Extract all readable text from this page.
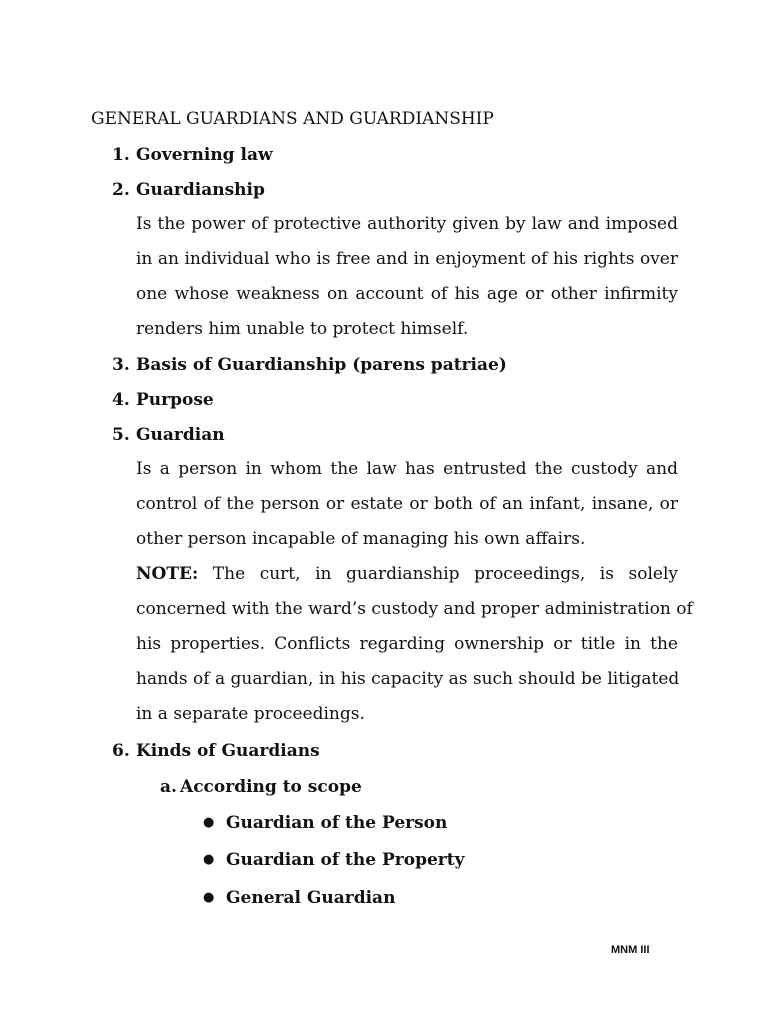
GENERAL GUARDIANS AND GUARDIANSHIP
1. Governing law
2. Guardianship
Is the power of protective authority given by law and imposed
in an individual who is free and in enjoyment of his rights over
one whose weakness on account of his age or other infirmity
renders him unable to protect himself.
3. Basis of Guardianship (parens patriae)
4. Purpose
5. Guardian
Is a person in whom the law has entrusted the custody and
control of the person or estate or both of an infant, insane, or
other person incapable of managing his own affairs.
NOTE: The curt, in guardianship proceedings, is solely
concerned with the ward’s custody and proper administration of
his properties. Conflicts regarding ownership or title in the
hands of a guardian, in his capacity as such should be litigated
in a separate proceedings.
6. Kinds of Guardians
a. According to scope
● Guardian of the Person
● Guardian of the Property
● General Guardian
MNM III
